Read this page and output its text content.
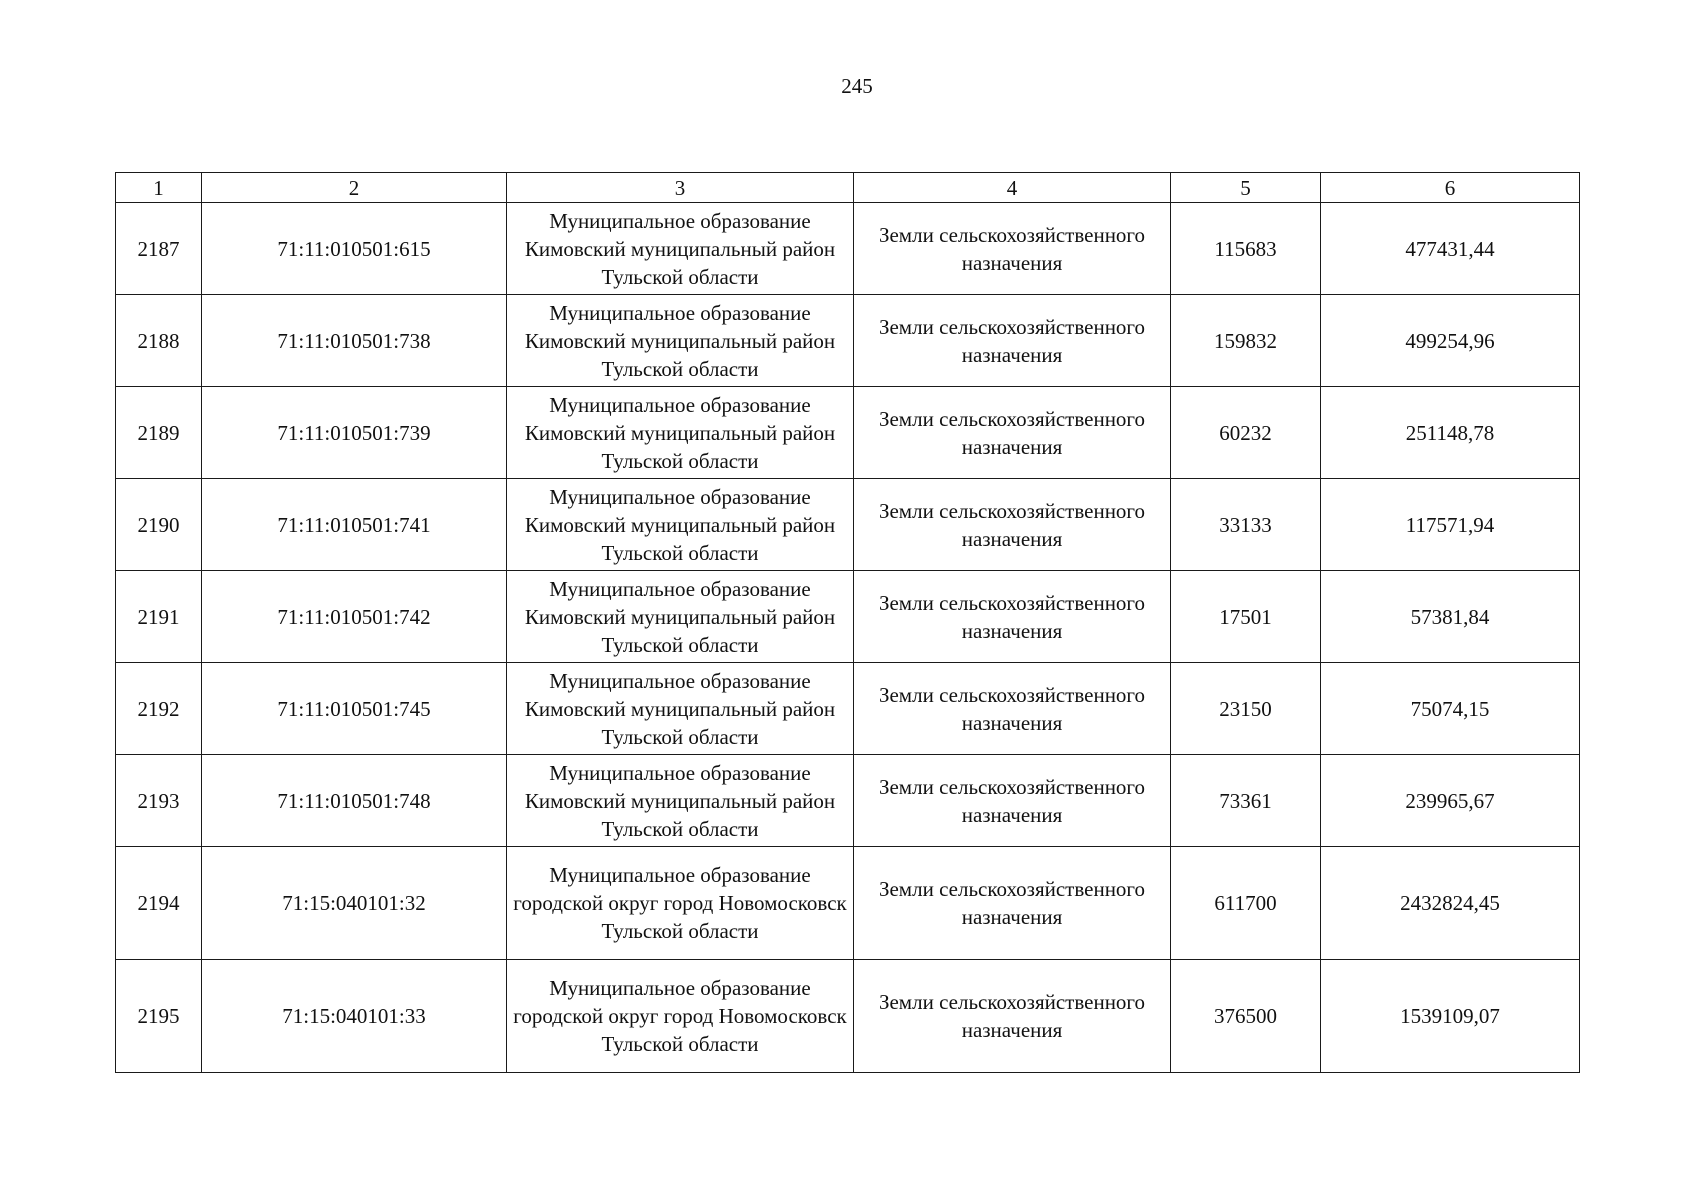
245
1	2	3	4	5	6
2187	71:11:010501:615	Муниципальное образование Кимовский муниципальный район Тульской области	Земли сельскохозяйственного назначения	115683	477431,44
2188	71:11:010501:738	Муниципальное образование Кимовский муниципальный район Тульской области	Земли сельскохозяйственного назначения	159832	499254,96
2189	71:11:010501:739	Муниципальное образование Кимовский муниципальный район Тульской области	Земли сельскохозяйственного назначения	60232	251148,78
2190	71:11:010501:741	Муниципальное образование Кимовский муниципальный район Тульской области	Земли сельскохозяйственного назначения	33133	117571,94
2191	71:11:010501:742	Муниципальное образование Кимовский муниципальный район Тульской области	Земли сельскохозяйственного назначения	17501	57381,84
2192	71:11:010501:745	Муниципальное образование Кимовский муниципальный район Тульской области	Земли сельскохозяйственного назначения	23150	75074,15
2193	71:11:010501:748	Муниципальное образование Кимовский муниципальный район Тульской области	Земли сельскохозяйственного назначения	73361	239965,67
2194	71:15:040101:32	Муниципальное образование городской округ город Новомосковск Тульской области	Земли сельскохозяйственного назначения	611700	2432824,45
2195	71:15:040101:33	Муниципальное образование городской округ город Новомосковск Тульской области	Земли сельскохозяйственного назначения	376500	1539109,07
